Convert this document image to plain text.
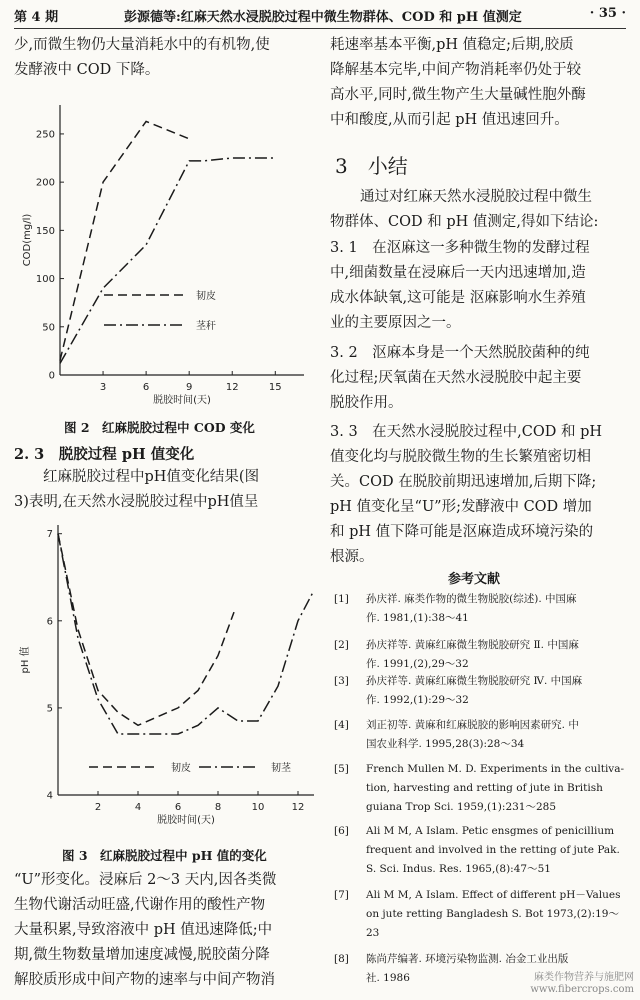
第 4 期	彭源德等:红麻天然水浸脱胶过程中微生物群体、COD 和 pH 值测定	· 35 ·
少,而微生物仍大量消耗水中的有机物,使
发酵液中 COD 下降。
3	6	9	12	15
0
50
100
150
200
250
脱胶时间(天)
COD(mg/l)
韧皮
茎秆
图 2　红麻脱胶过程中 COD 变化
2. 3　脱胶过程 pH 值变化
红麻脱胶过程中pH值变化结果(图
3)表明,在天然水浸脱胶过程中pH值呈
2	4	6	8	10	12
4
5
6
7
脱胶时间(天)
pH 值
韧皮	韧茎
图 3　红麻脱胶过程中 pH 值的变化
“U”形变化。浸麻后 2～3 天内,因各类微
生物代谢活动旺盛,代谢作用的酸性产物
大量积累,导致溶液中 pH 值迅速降低;中
期,微生物数量增加速度减慢,脱胶菌分降
解胶质形成中间产物的速率与中间产物消
耗速率基本平衡,pH 值稳定;后期,胶质
降解基本完毕,中间产物消耗率仍处于较
高水平,同时,微生物产生大量碱性胞外酶
中和酸度,从而引起 pH 值迅速回升。
3　小结
通过对红麻天然水浸脱胶过程中微生
物群体、COD 和 pH 值测定,得如下结论:
3. 1　在沤麻这一多种微生物的发酵过程
中,细菌数量在浸麻后一天内迅速增加,造
成水体缺氧,这可能是 沤麻影响水生养殖
业的主要原因之一。
3. 2　沤麻本身是一个天然脱胶菌种的纯
化过程;厌氧菌在天然水浸脱胶中起主要
脱胶作用。
3. 3　在天然水浸脱胶过程中,COD 和 pH
值变化均与脱胶微生物的生长繁殖密切相
关。COD 在脱胶前期迅速增加,后期下降;
pH 值变化呈“U”形;发酵液中 COD 增加
和 pH 值下降可能是沤麻造成环境污染的
根源。
参考文献
[1] 孙庆祥. 麻类作物的微生物脱胶(综述). 中国麻
作. 1981,(1):38～41
[2] 孙庆祥等. 黄麻红麻微生物脱胶研究 Ⅱ. 中国麻
作. 1991,(2),29～32
[3] 孙庆祥等. 黄麻红麻微生物脱胶研究 Ⅳ. 中国麻
作. 1992,(1):29～32
[4] 刘正初等. 黄麻和红麻脱胶的影响因素研究. 中
国农业科学. 1995,28(3):28～34
[5] French Mullen M. D. Experiments in the cultiva-
tion, harvesting and retting of jute in British
guiana Trop Sci. 1959,(1):231～285
[6] Ali M M, A Islam. Petic ensgmes of penicillium
frequent and involved in the retting of jute Pak.
S. Sci. Indus. Res. 1965,(8):47～51
[7] Ali M M, A Islam. Effect of different pH－Values
on jute retting Bangladesh S. Bot 1973,(2):19～
23
[8] 陈尚芹编著. 环境污染物监测. 冶金工业出版
社. 1986	麻类作物营养与施肥网
www.fibercrops.com
